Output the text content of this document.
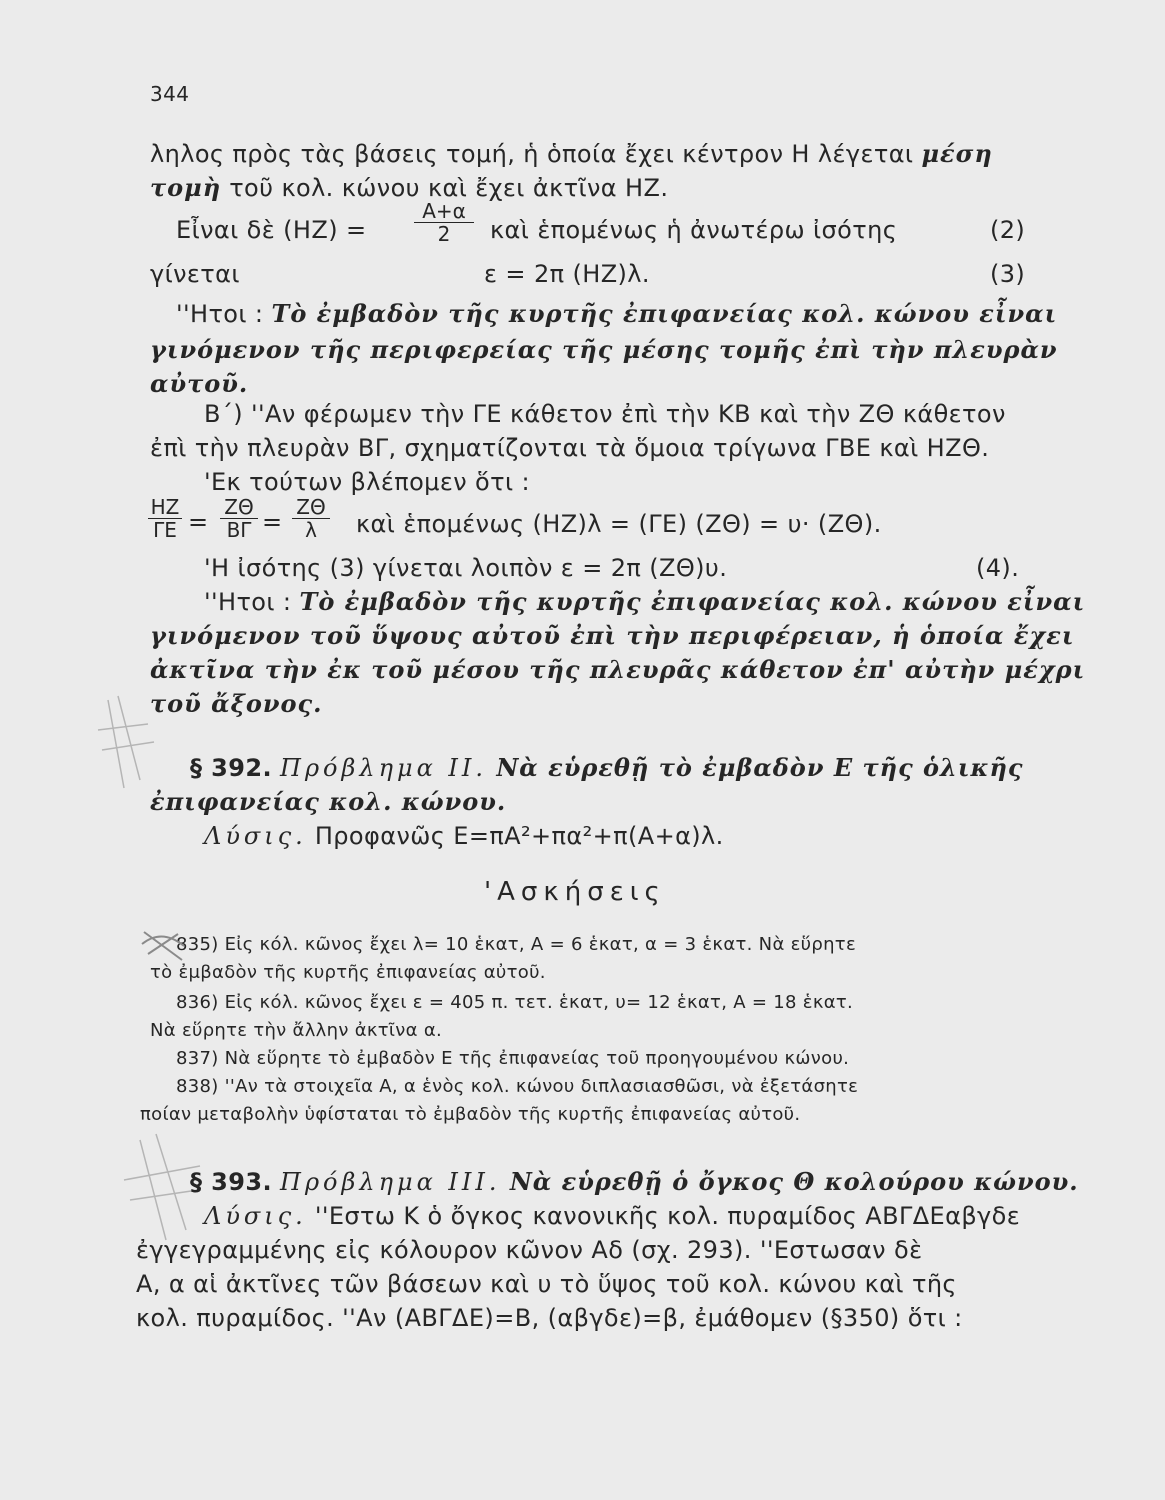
344
ληλος πρὸς τὰς βάσεις τομή, ἡ ὁποία ἔχει κέντρον Η λέγεται μέση
τομὴ τοῦ κολ. κώνου καὶ ἔχει ἀκτῖνα ΗΖ.
Εἶναι δὲ $(HZ) = \frac{A+\alpha}{2}$ καὶ ἑπομένως ἡ ἀνωτέρω ἰσότης	(2)
γίνεται	ε = 2π (ΗΖ)λ.	(3)
''Ητοι : Τὸ ἐμβαδὸν τῆς κυρτῆς ἐπιφανείας κολ. κώνου εἶναι
γινόμενον τῆς περιφερείας τῆς μέσης τομῆς ἐπὶ τὴν πλευρὰν
αὐτοῦ.
Β΄) ''Αν φέρωμεν τὴν ΓΕ κάθετον ἐπὶ τὴν ΚΒ καὶ τὴν ΖΘ κάθετον
ἐπὶ τὴν πλευρὰν ΒΓ, σχηματίζονται τὰ ὅμοια τρίγωνα ΓΒΕ καὶ ΗΖΘ.
'Εκ τούτων βλέπομεν ὅτι :
$\frac{HZ}{\Gamma E} = \frac{Z\Theta}{B\Gamma} = \frac{Z\Theta}{\lambda}$ καὶ ἑπομένως (ΗΖ)λ = (ΓΕ) (ΖΘ) = υ· (ΖΘ).
'Η ἰσότης (3) γίνεται λοιπὸν ε = 2π (ΖΘ)υ.	(4).
''Ητοι : Τὸ ἐμβαδὸν τῆς κυρτῆς ἐπιφανείας κολ. κώνου εἶναι
γινόμενον τοῦ ὕψους αὐτοῦ ἐπὶ τὴν περιφέρειαν, ἡ ὁποία ἔχει
ἀκτῖνα τὴν ἐκ τοῦ μέσου τῆς πλευρᾶς κάθετον ἐπ' αὐτὴν μέχρι
τοῦ ἄξονος.
§ 392. Πρόβλημα ΙΙ. Νὰ εὑρεθῇ τὸ ἐμβαδὸν Ε τῆς ὁλικῆς
ἐπιφανείας κολ. κώνου.
Λύσις. Προφανῶς Ε=πΑ²+πα²+π(Α+α)λ.
'Ασκήσεις
835) Εἰς κόλ. κῶνος ἔχει λ= 10 ἑκατ, Α = 6 ἑκατ, α = 3 ἑκατ. Νὰ εὕρητε
τὸ ἐμβαδὸν τῆς κυρτῆς ἐπιφανείας αὐτοῦ.
836) Εἰς κόλ. κῶνος ἔχει ε = 405 π. τετ. ἑκατ, υ= 12 ἑκατ, Α = 18 ἑκατ.
Νὰ εὕρητε τὴν ἄλλην ἀκτῖνα α.
837) Νὰ εὕρητε τὸ ἐμβαδὸν Ε τῆς ἐπιφανείας τοῦ προηγουμένου κώνου.
838) ''Αν τὰ στοιχεῖα Α, α ἑνὸς κολ. κώνου διπλασιασθῶσι, νὰ ἐξετάσητε
ποίαν μεταβολὴν ὑφίσταται τὸ ἐμβαδὸν τῆς κυρτῆς ἐπιφανείας αὐτοῦ.
§ 393. Πρόβλημα ΙΙΙ. Νὰ εὑρεθῇ ὁ ὄγκος Θ κολούρου κώνου.
Λύσις. ''Εστω Κ ὁ ὄγκος κανονικῆς κολ. πυραμίδος ΑΒΓΔΕαβγδε
ἐγγεγραμμένης εἰς κόλουρον κῶνον Αδ (σχ. 293). ''Εστωσαν δὲ
Α, α αἱ ἀκτῖνες τῶν βάσεων καὶ υ τὸ ὕψος τοῦ κολ. κώνου καὶ τῆς
κολ. πυραμίδος. ''Αν (ΑΒΓΔΕ)=Β, (αβγδε)=β, ἐμάθομεν (§350) ὅτι :
